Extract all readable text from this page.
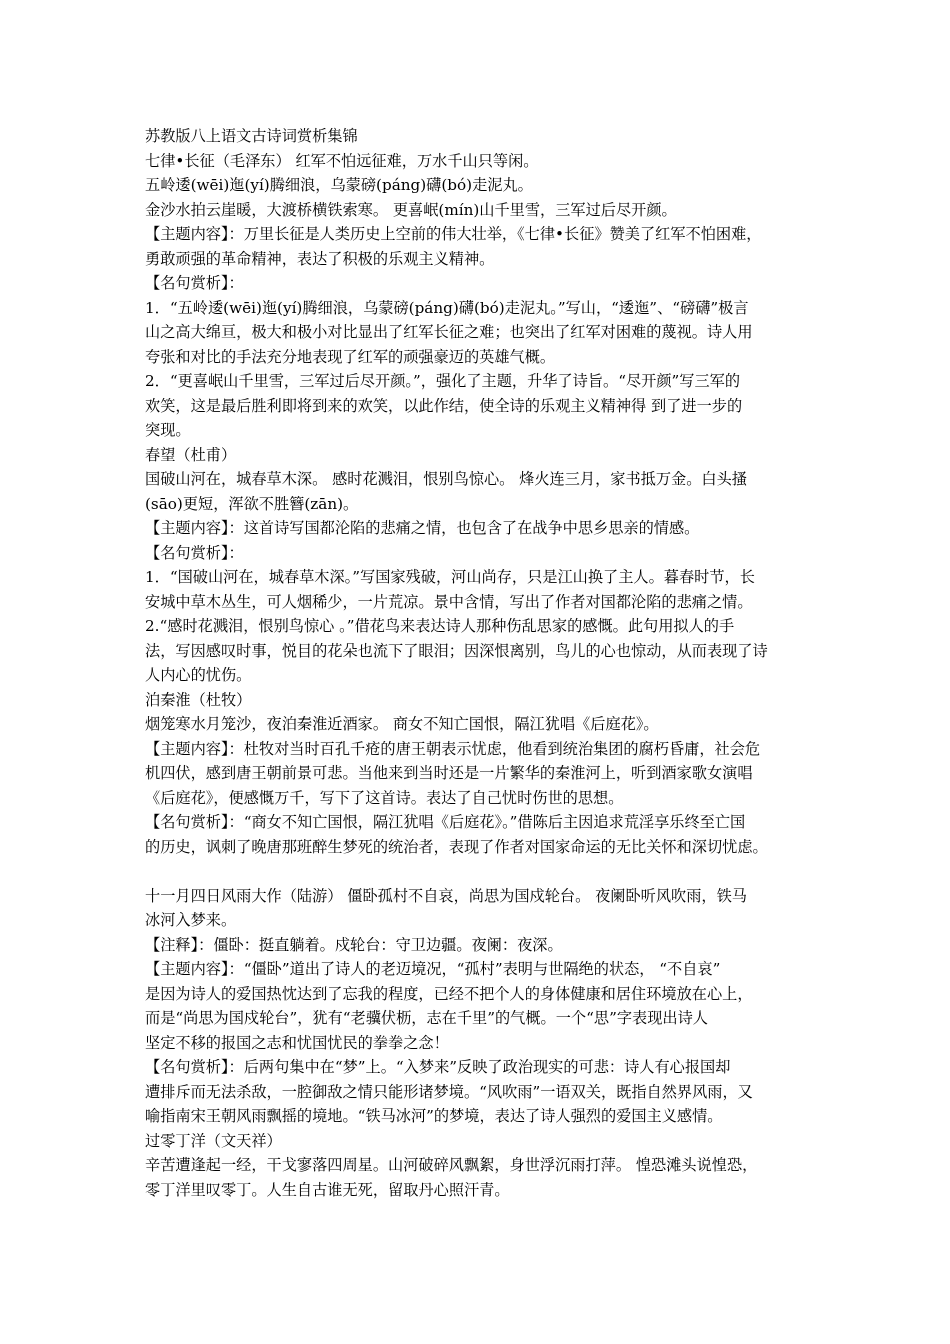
苏教版八上语文古诗词赏析集锦
七律•长征（毛泽东） 红军不怕远征难，万水千山只等闲。
五岭逶(wēi)迤(yí)腾细浪，乌蒙磅(páng)礴(bó)走泥丸。
金沙水拍云崖暖，大渡桥横铁索寒。 更喜岷(mín)山千里雪，三军过后尽开颜。
【主题内容】：万里长征是人类历史上空前的伟大壮举，《七律•长征》赞美了红军不怕困难，
勇敢顽强的革命精神，表达了积极的乐观主义精神。
【名句赏析】：
1．“五岭逶(wēi)迤(yí)腾细浪，乌蒙磅(páng)礴(bó)走泥丸。”写山，“逶迤”、“磅礴”极言
山之高大绵亘，极大和极小对比显出了红军长征之难；也突出了红军对困难的蔑视。诗人用
夸张和对比的手法充分地表现了红军的顽强豪迈的英雄气概。
2．“更喜岷山千里雪，三军过后尽开颜。”，强化了主题，升华了诗旨。“尽开颜”写三军的
欢笑，这是最后胜利即将到来的欢笑，以此作结，使全诗的乐观主义精神得 到了进一步的
突现。
春望（杜甫）
国破山河在，城春草木深。 感时花溅泪，恨别鸟惊心。 烽火连三月，家书抵万金。白头搔
(sāo)更短，浑欲不胜簪(zān)。
【主题内容】：这首诗写国都沦陷的悲痛之情，也包含了在战争中思乡思亲的情感。
【名句赏析】：
1．“国破山河在，城春草木深。”写国家残破，河山尚存，只是江山换了主人。暮春时节，长
安城中草木丛生，可人烟稀少，一片荒凉。景中含情，写出了作者对国都沦陷的悲痛之情。
2.“感时花溅泪，恨别鸟惊心 。”借花鸟来表达诗人那种伤乱思家的感慨。此句用拟人的手
法，写因感叹时事，悦目的花朵也流下了眼泪；因深恨离别，鸟儿的心也惊动，从而表现了诗
人内心的忧伤。
泊秦淮（杜牧）
烟笼寒水月笼沙，夜泊秦淮近酒家。 商女不知亡国恨，隔江犹唱《后庭花》。
【主题内容】：杜牧对当时百孔千疮的唐王朝表示忧虑，他看到统治集团的腐朽昏庸，社会危
机四伏，感到唐王朝前景可悲。当他来到当时还是一片繁华的秦淮河上，听到酒家歌女演唱
《后庭花》，便感慨万千，写下了这首诗。表达了自己忧时伤世的思想。
【名句赏析】：“商女不知亡国恨，隔江犹唱《后庭花》。”借陈后主因追求荒淫享乐终至亡国
的历史，讽刺了晚唐那班醉生梦死的统治者，表现了作者对国家命运的无比关怀和深切忧虑。
十一月四日风雨大作（陆游） 僵卧孤村不自哀，尚思为国戍轮台。 夜阑卧听风吹雨，铁马
冰河入梦来。
【注释】：僵卧：挺直躺着。戍轮台：守卫边疆。夜阑：夜深。
【主题内容】：“僵卧”道出了诗人的老迈境况，“孤村”表明与世隔绝的状态， “不自哀”
是因为诗人的爱国热忱达到了忘我的程度，已经不把个人的身体健康和居住环境放在心上，
而是“尚思为国戍轮台”，犹有“老骥伏枥，志在千里”的气概。一个“思”字表现出诗人
坚定不移的报国之志和忧国忧民的拳拳之念！
【名句赏析】：后两句集中在“梦”上。“入梦来”反映了政治现实的可悲：诗人有心报国却
遭排斥而无法杀敌，一腔御敌之情只能形诸梦境。“风吹雨”一语双关，既指自然界风雨，又
喻指南宋王朝风雨飘摇的境地。“铁马冰河”的梦境，表达了诗人强烈的爱国主义感情。
过零丁洋（文天祥）
辛苦遭逢起一经，干戈寥落四周星。山河破碎风飘絮，身世浮沉雨打萍。 惶恐滩头说惶恐，
零丁洋里叹零丁。人生自古谁无死，留取丹心照汗青。
